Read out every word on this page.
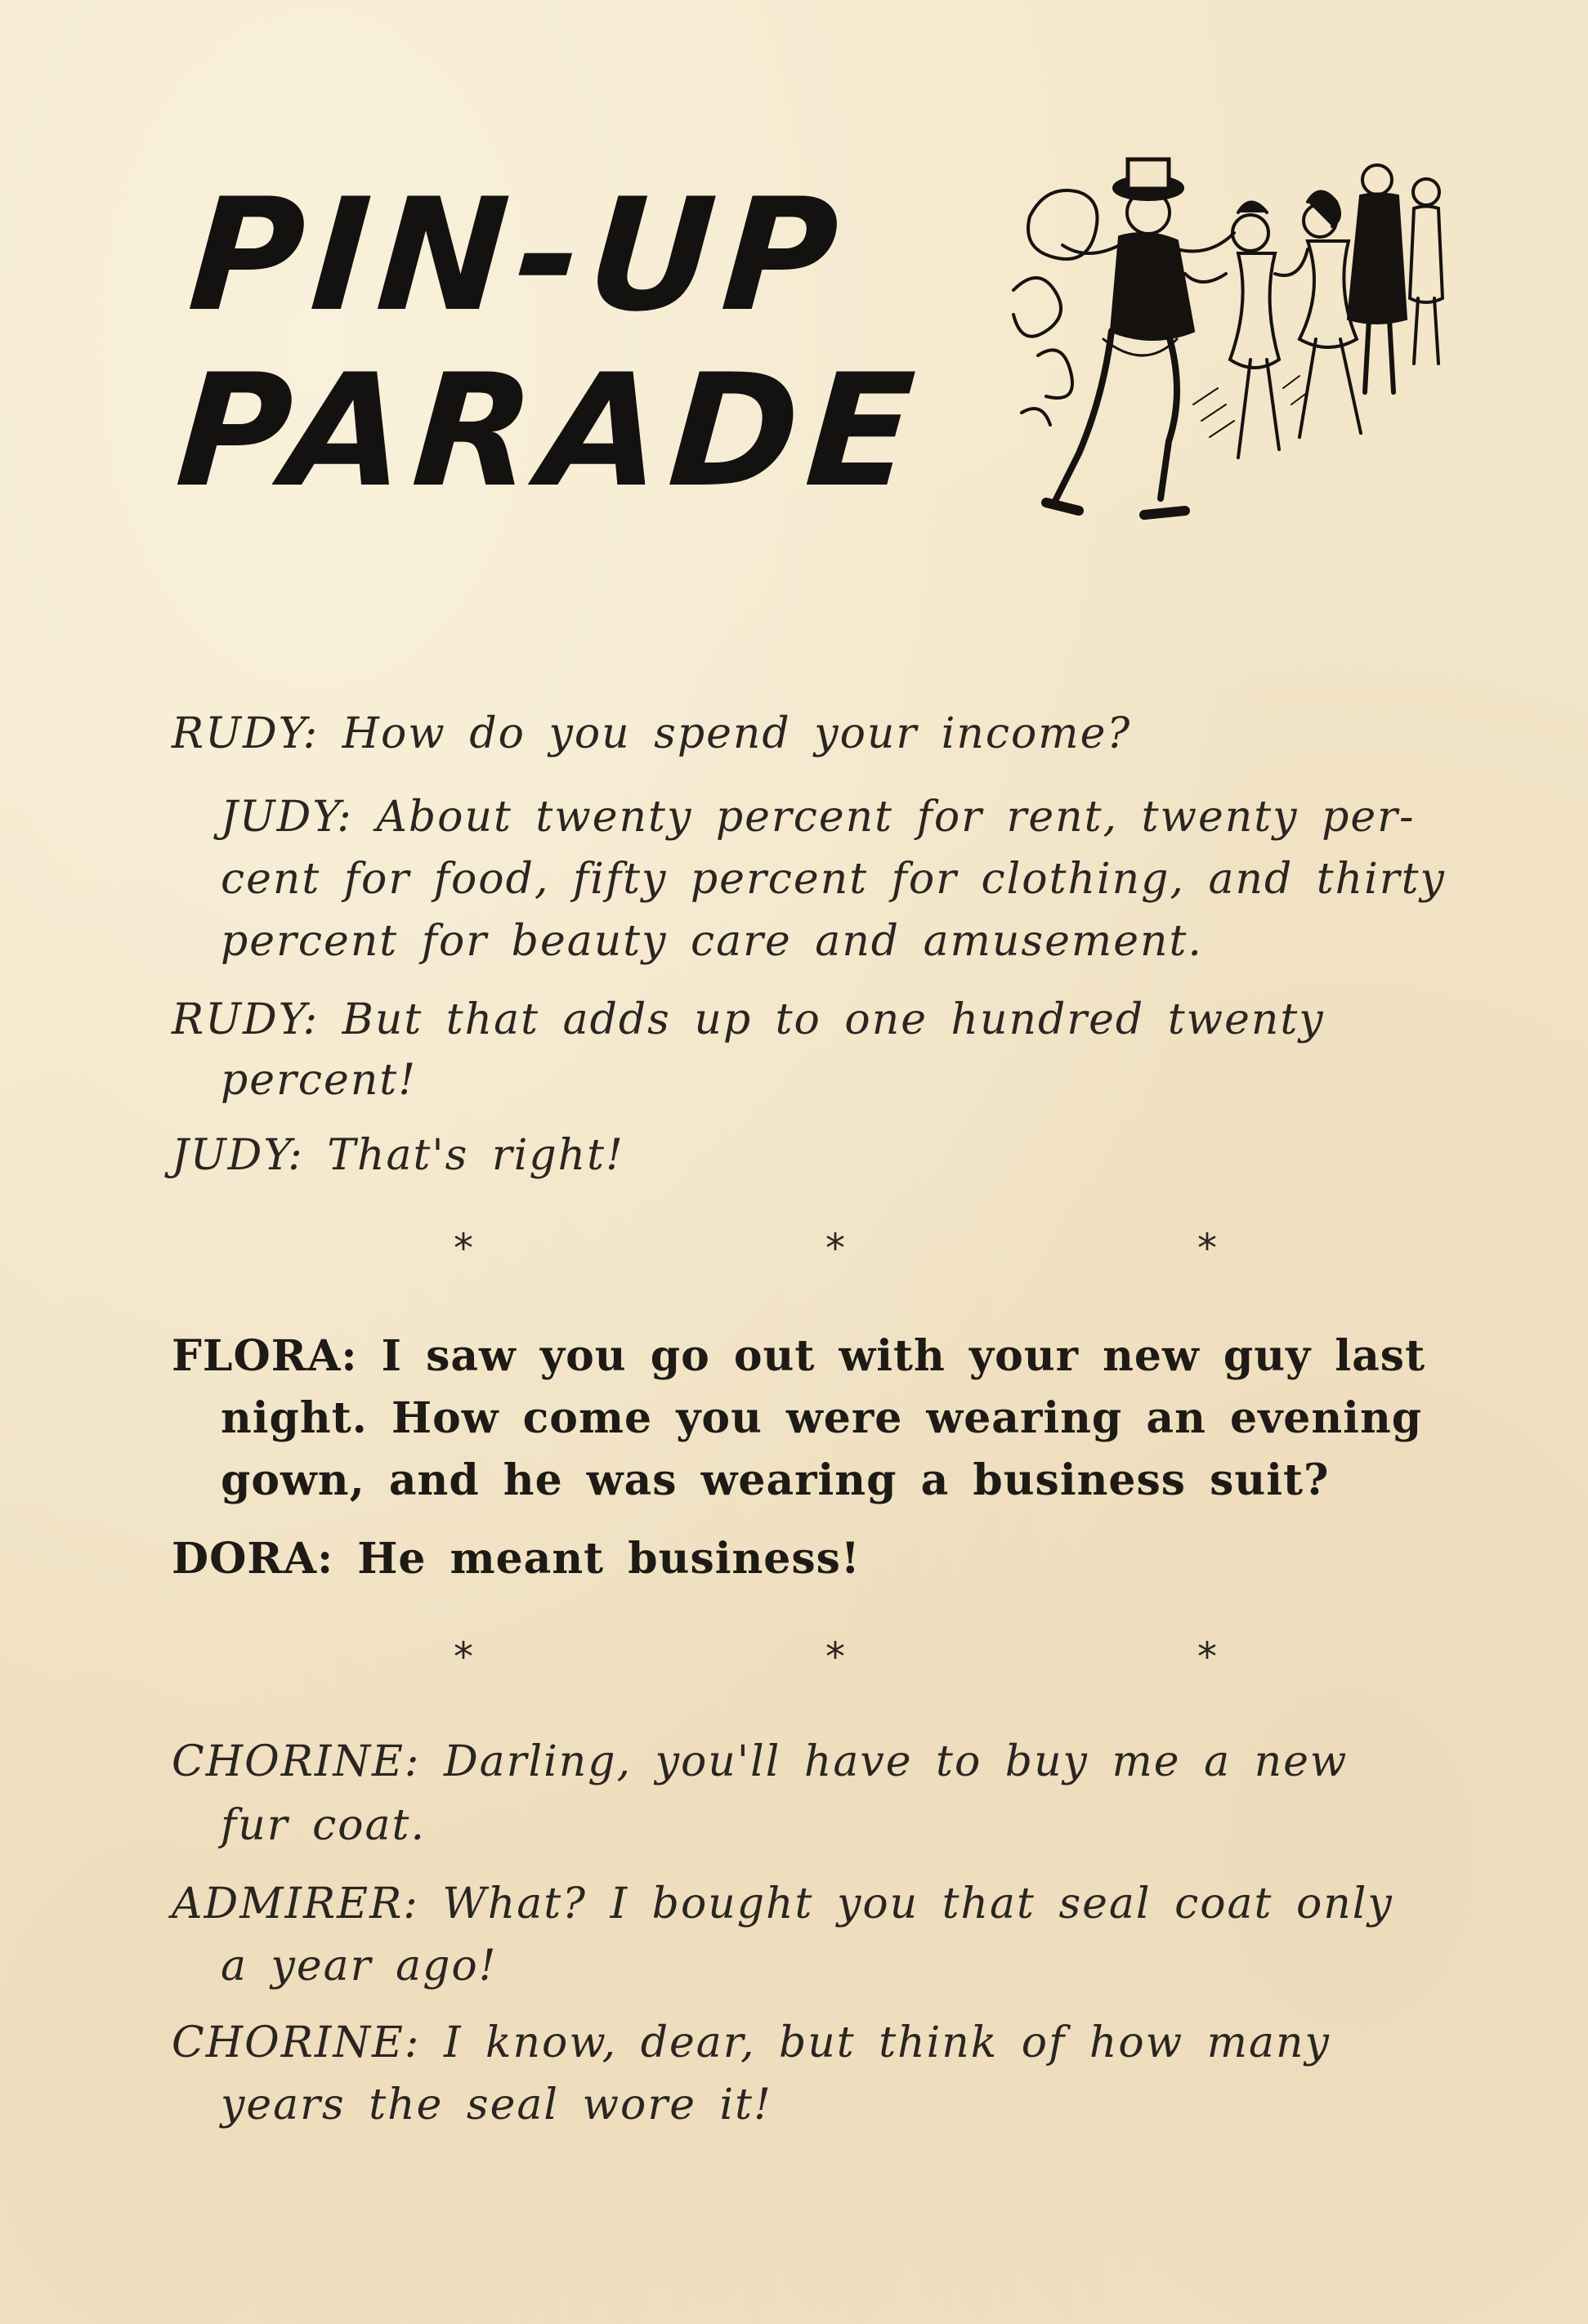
PIN-UP
PARADE
RUDY: How do you spend your income?
JUDY: About twenty percent for rent, twenty per-
cent for food, fifty percent for clothing, and thirty
percent for beauty care and amusement.
RUDY: But that adds up to one hundred twenty
percent!
JUDY: That's right!
*	*	*
FLORA: I saw you go out with your new guy last
night. How come you were wearing an evening
gown, and he was wearing a business suit?
DORA: He meant business!
*	*	*
CHORINE: Darling, you'll have to buy me a new
fur coat.
ADMIRER: What? I bought you that seal coat only
a year ago!
CHORINE: I know, dear, but think of how many
years the seal wore it!
